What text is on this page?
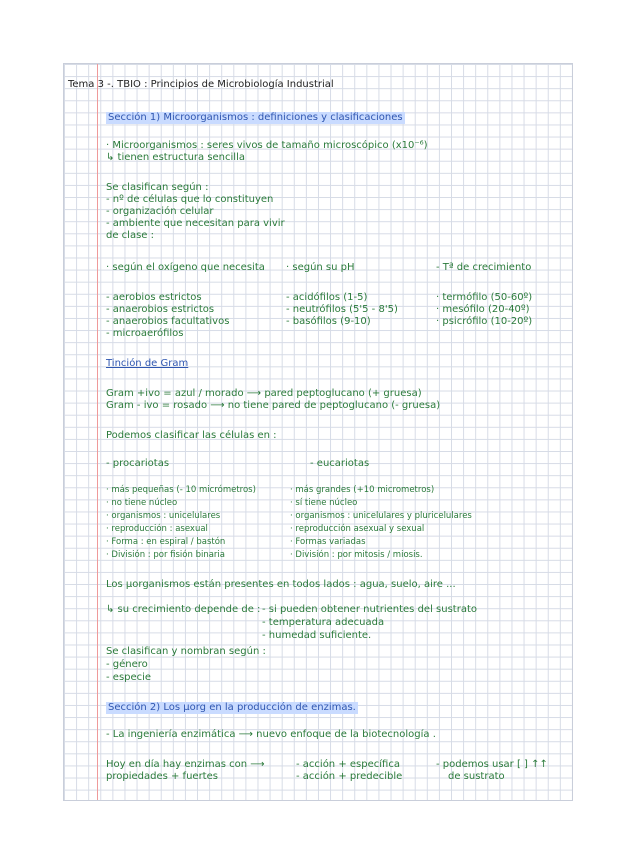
Tema 3 -. TBIO : Principios de Microbiología Industrial
Sección 1) Microorganismos : definiciones y clasificaciones
· Microorganismos : seres vivos de tamaño microscópico (x10⁻⁶)
↳ tienen estructura sencilla
Se clasifican según :
- nº de células que lo constituyen
- organización celular
- ambiente que necesitan para vivir
de clase :
· según el oxígeno que necesita · según su pH	- Tª de crecimiento
- aerobios estrictos
- anaerobios estrictos
- anaerobios facultativos
- microaerófilos
- acidófilos (1-5)
- neutrófilos (5'5 - 8'5)
- basófilos (9-10)
· termófilo (50-60º)
· mesófilo (20-40º)
· psicrófilo (10-20º)
Tinción de Gram
Gram +ivo = azul / morado ⟶ pared peptoglucano (+ gruesa)
Gram - ivo = rosado ⟶ no tiene pared de peptoglucano (- gruesa)
Podemos clasificar las células en :
- procariotas	- eucariotas
· más pequeñas (- 10 micrómetros)
· no tiene núcleo
· organismos : unicelulares
· reproducción : asexual
· Forma : en espiral / bastón
· División : por fisión binaria
· más grandes (+10 micrometros)
· sí tiene núcleo
· organismos : unicelulares y pluricelulares
· reproducción asexual y sexual
· Formas variadas
· División : por mitosis / miosis.
Los µorganismos están presentes en todos lados : agua, suelo, aire ...
↳ su crecimiento depende de : - si pueden obtener nutrientes del sustrato
- temperatura adecuada
- humedad suficiente.
Se clasifican y nombran según :
- género
- especie
Sección 2) Los µorg en la producción de enzimas.
- La ingeniería enzimática ⟶ nuevo enfoque de la biotecnología .
Hoy en día hay enzimas con ⟶
propiedades + fuertes
- acción + específica
- acción + predecible
- podemos usar [ ] ↑↑
de sustrato
